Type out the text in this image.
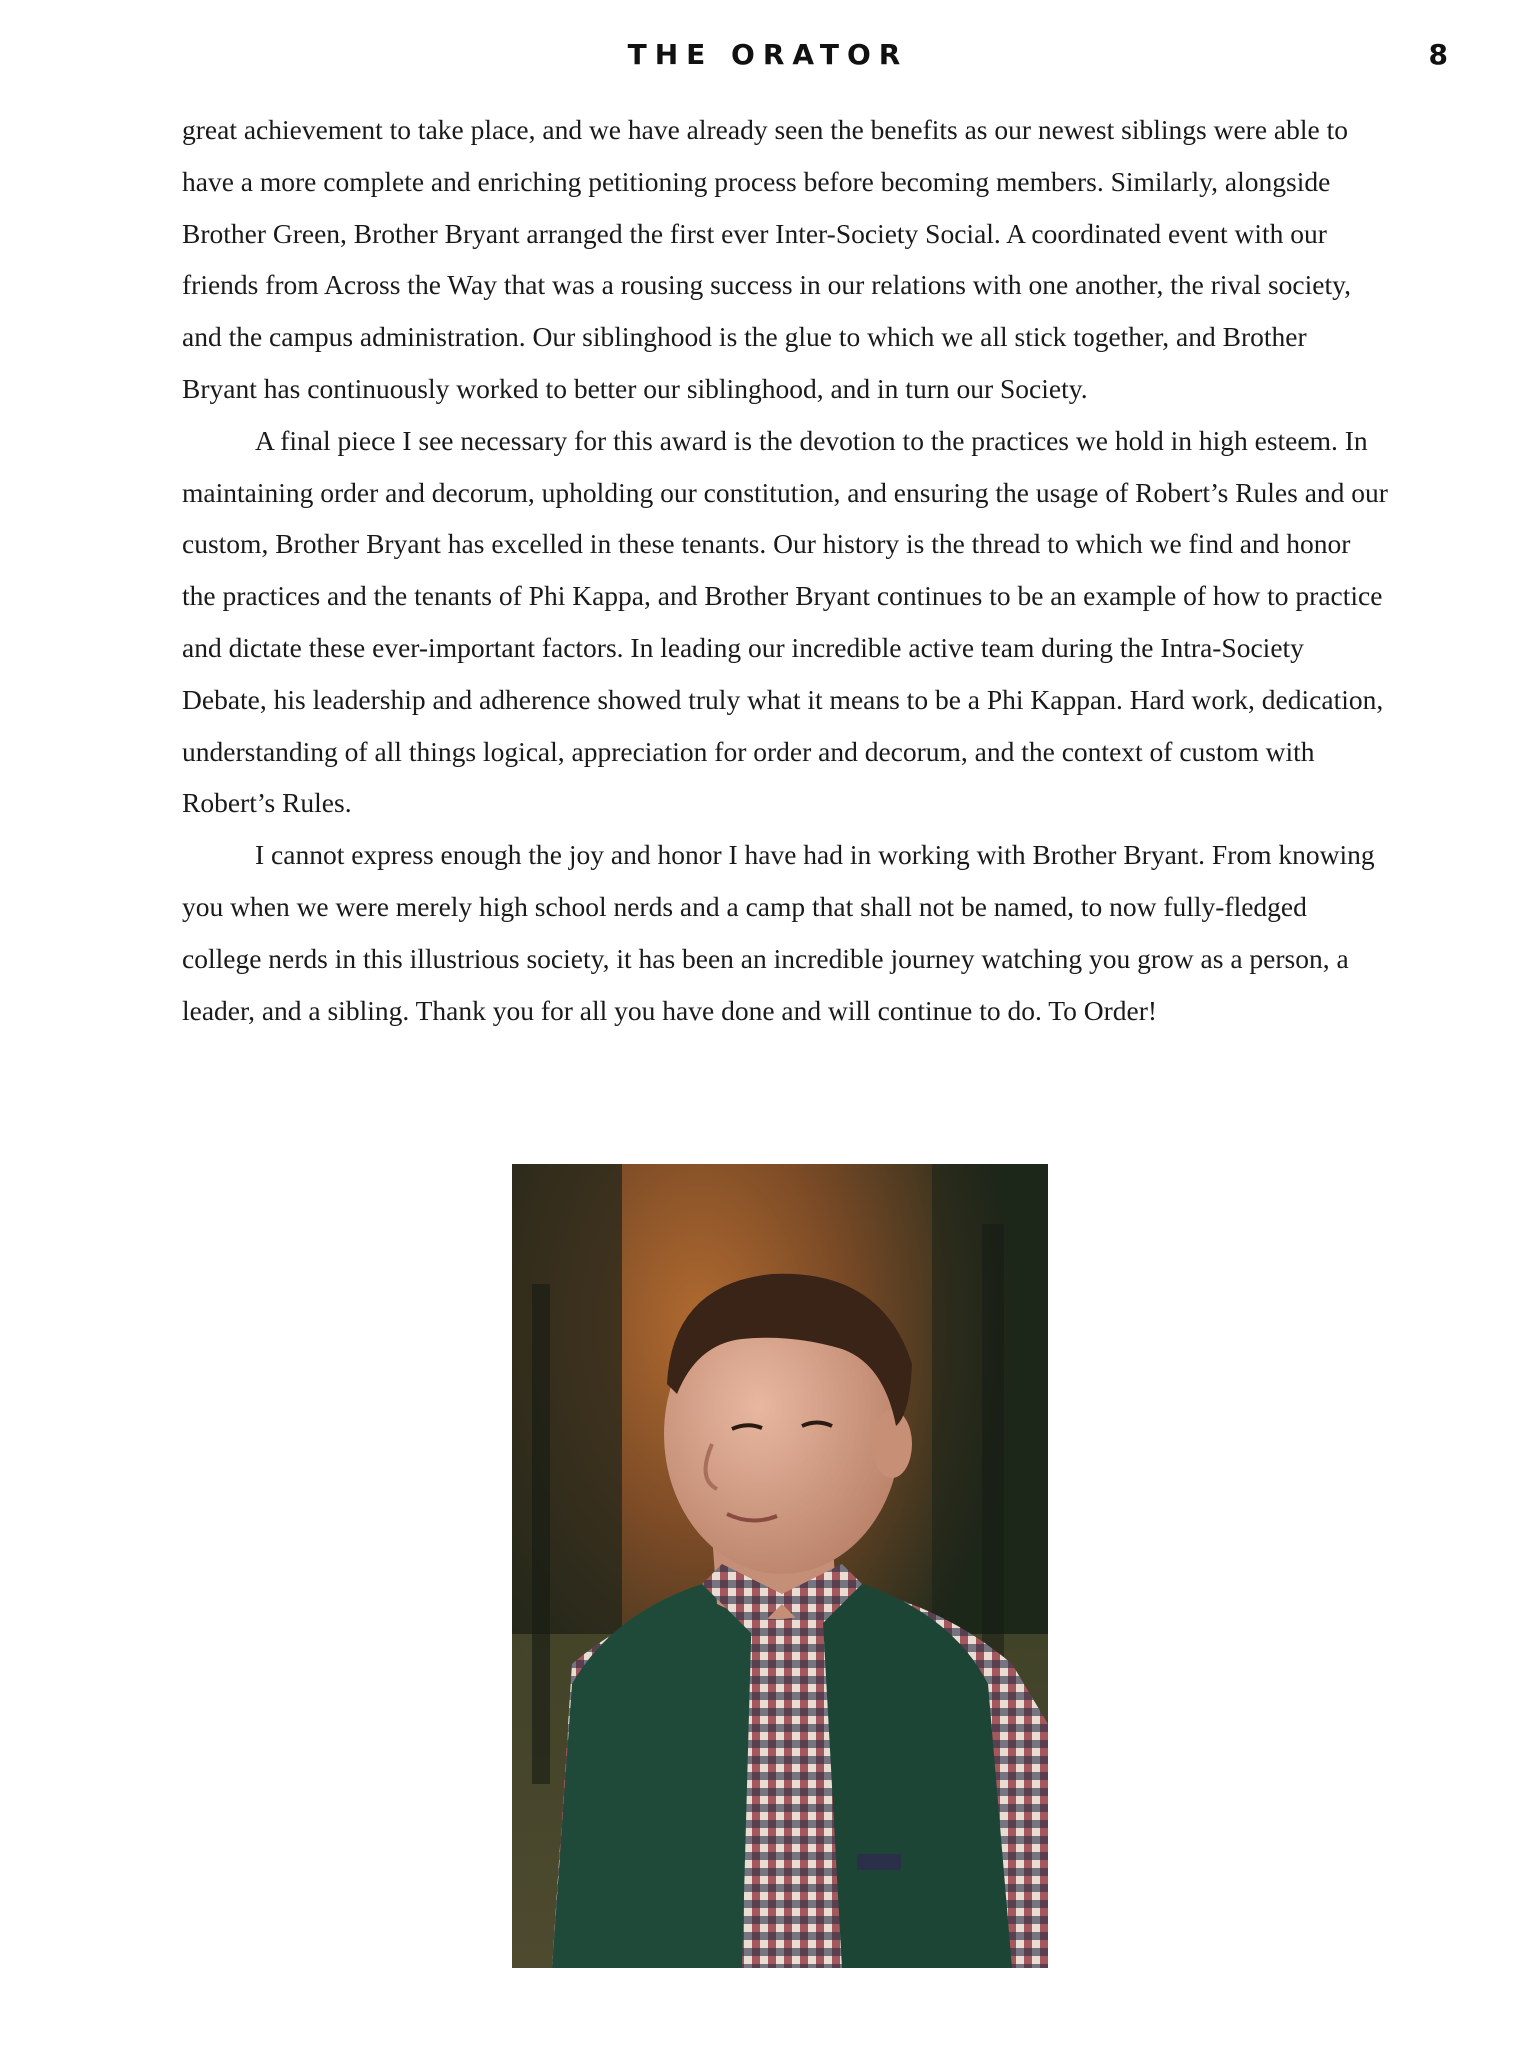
THE ORATOR	8

great achievement to take place, and we have already seen the benefits as our newest siblings were able to have a more complete and enriching petitioning process before becoming members. Similarly, alongside Brother Green, Brother Bryant arranged the first ever Inter-Society Social. A coordinated event with our friends from Across the Way that was a rousing success in our relations with one another, the rival society, and the campus administration. Our siblinghood is the glue to which we all stick together, and Brother Bryant has continuously worked to better our siblinghood, and in turn our Society.

A final piece I see necessary for this award is the devotion to the practices we hold in high esteem. In maintaining order and decorum, upholding our constitution, and ensuring the usage of Robert’s Rules and our custom, Brother Bryant has excelled in these tenants. Our history is the thread to which we find and honor the practices and the tenants of Phi Kappa, and Brother Bryant continues to be an example of how to practice and dictate these ever-important factors. In leading our incredible active team during the Intra-Society Debate, his leadership and adherence showed truly what it means to be a Phi Kappan. Hard work, dedication, understanding of all things logical, appreciation for order and decorum, and the context of custom with Robert’s Rules.

I cannot express enough the joy and honor I have had in working with Brother Bryant. From knowing you when we were merely high school nerds and a camp that shall not be named, to now fully-fledged college nerds in this illustrious society, it has been an incredible journey watching you grow as a person, a leader, and a sibling. Thank you for all you have done and will continue to do. To Order!
